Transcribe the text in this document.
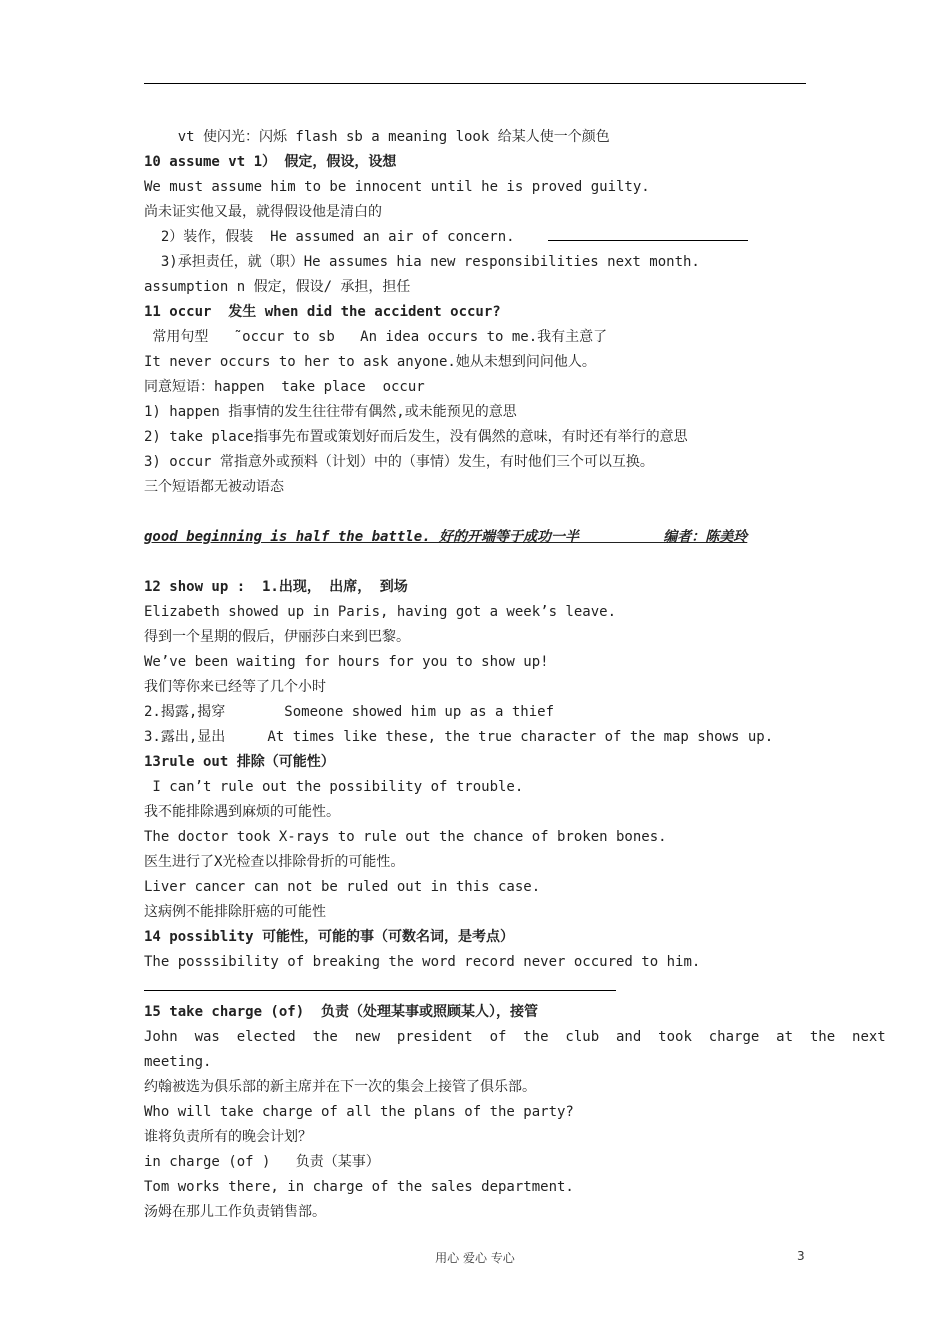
vt 使闪光：闪烁 flash sb a meaning look 给某人使一个颜色
10 assume vt 1） 假定，假设，设想
We must assume him to be innocent until he is proved guilty.
尚未证实他又最，就得假设他是清白的
2）装作，假装  He assumed an air of concern.
3)承担责任，就（职）He assumes hia new responsibilities next month.
assumption n 假定，假设/ 承担，担任
11 occur  发生 when did the accident occur?
常用句型   ˜occur to sb   An idea occurs to me.我有主意了
It never occurs to her to ask anyone.她从未想到问问他人。
同意短语：happen  take place  occur
1) happen 指事情的发生往往带有偶然,或未能预见的意思
2) take place指事先布置或策划好而后发生，没有偶然的意味，有时还有举行的意思
3) occur 常指意外或预料（计划）中的（事情）发生，有时他们三个可以互换。
三个短语都无被动语态
good beginning is half the battle. 好的开端等于成功一半          编者：陈美玲
12 show up :  1.出现， 出席， 到场
Elizabeth showed up in Paris, having got a week’s leave.
得到一个星期的假后，伊丽莎白来到巴黎。
We’ve been waiting for hours for you to show up!
我们等你来已经等了几个小时
2.揭露,揭穿       Someone showed him up as a thief
3.露出,显出     At times like these, the true character of the map shows up.
13rule out 排除（可能性）
I can’t rule out the possibility of trouble.
我不能排除遇到麻烦的可能性。
The doctor took X-rays to rule out the chance of broken bones.
医生进行了X光检查以排除骨折的可能性。
Liver cancer can not be ruled out in this case.
这病例不能排除肝癌的可能性
14 possiblity 可能性，可能的事（可数名词，是考点）
The posssibility of breaking the word record never occured to him.
15 take charge (of)  负责（处理某事或照顾某人），接管
John  was  elected  the  new  president  of  the  club  and  took  charge  at  the  next
meeting.
约翰被选为俱乐部的新主席并在下一次的集会上接管了俱乐部。
Who will take charge of all the plans of the party?
谁将负责所有的晚会计划？
in charge (of )   负责（某事）
Tom works there, in charge of the sales department.
汤姆在那儿工作负责销售部。
用心 爱心 专心	3
